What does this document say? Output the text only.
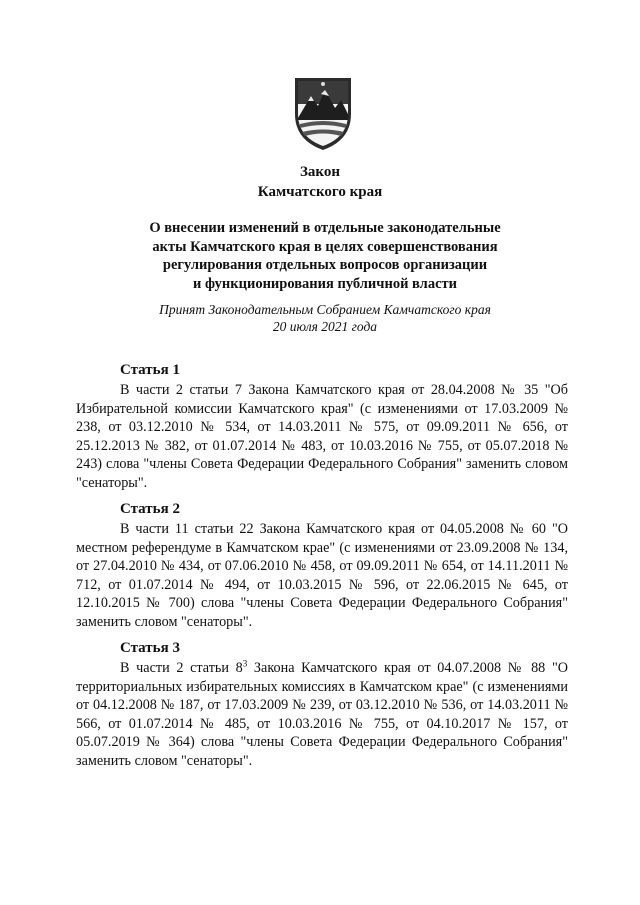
Закон
Камчатского края
О внесении изменений в отдельные законодательные
акты Камчатского края в целях совершенствования
регулирования отдельных вопросов организации
и функционирования публичной власти
Принят Законодательным Собранием Камчатского края
20 июля 2021 года
Статья 1
В части 2 статьи 7 Закона Камчатского края от 28.04.2008 № 35 "Об Избирательной комиссии Камчатского края" (с изменениями от 17.03.2009 № 238, от 03.12.2010 № 534, от 14.03.2011 № 575, от 09.09.2011 № 656, от 25.12.2013 № 382, от 01.07.2014 № 483, от 10.03.2016 № 755, от 05.07.2018 № 243) слова "члены Совета Федерации Федерального Собрания" заменить словом "сенаторы".
Статья 2
В части 11 статьи 22 Закона Камчатского края от 04.05.2008 № 60 "О местном референдуме в Камчатском крае" (с изменениями от 23.09.2008 № 134, от 27.04.2010 № 434, от 07.06.2010 № 458, от 09.09.2011 № 654, от 14.11.2011 № 712, от 01.07.2014 № 494, от 10.03.2015 № 596, от 22.06.2015 № 645, от 12.10.2015 № 700) слова "члены Совета Федерации Федерального Собрания" заменить словом "сенаторы".
Статья 3
В части 2 статьи $8^3$ Закона Камчатского края от 04.07.2008 № 88 "О территориальных избирательных комиссиях в Камчатском крае" (с изменениями от 04.12.2008 № 187, от 17.03.2009 № 239, от 03.12.2010 № 536, от 14.03.2011 № 566, от 01.07.2014 № 485, от 10.03.2016 № 755, от 04.10.2017 № 157, от 05.07.2019 № 364) слова "члены Совета Федерации Федерального Собрания" заменить словом "сенаторы".
